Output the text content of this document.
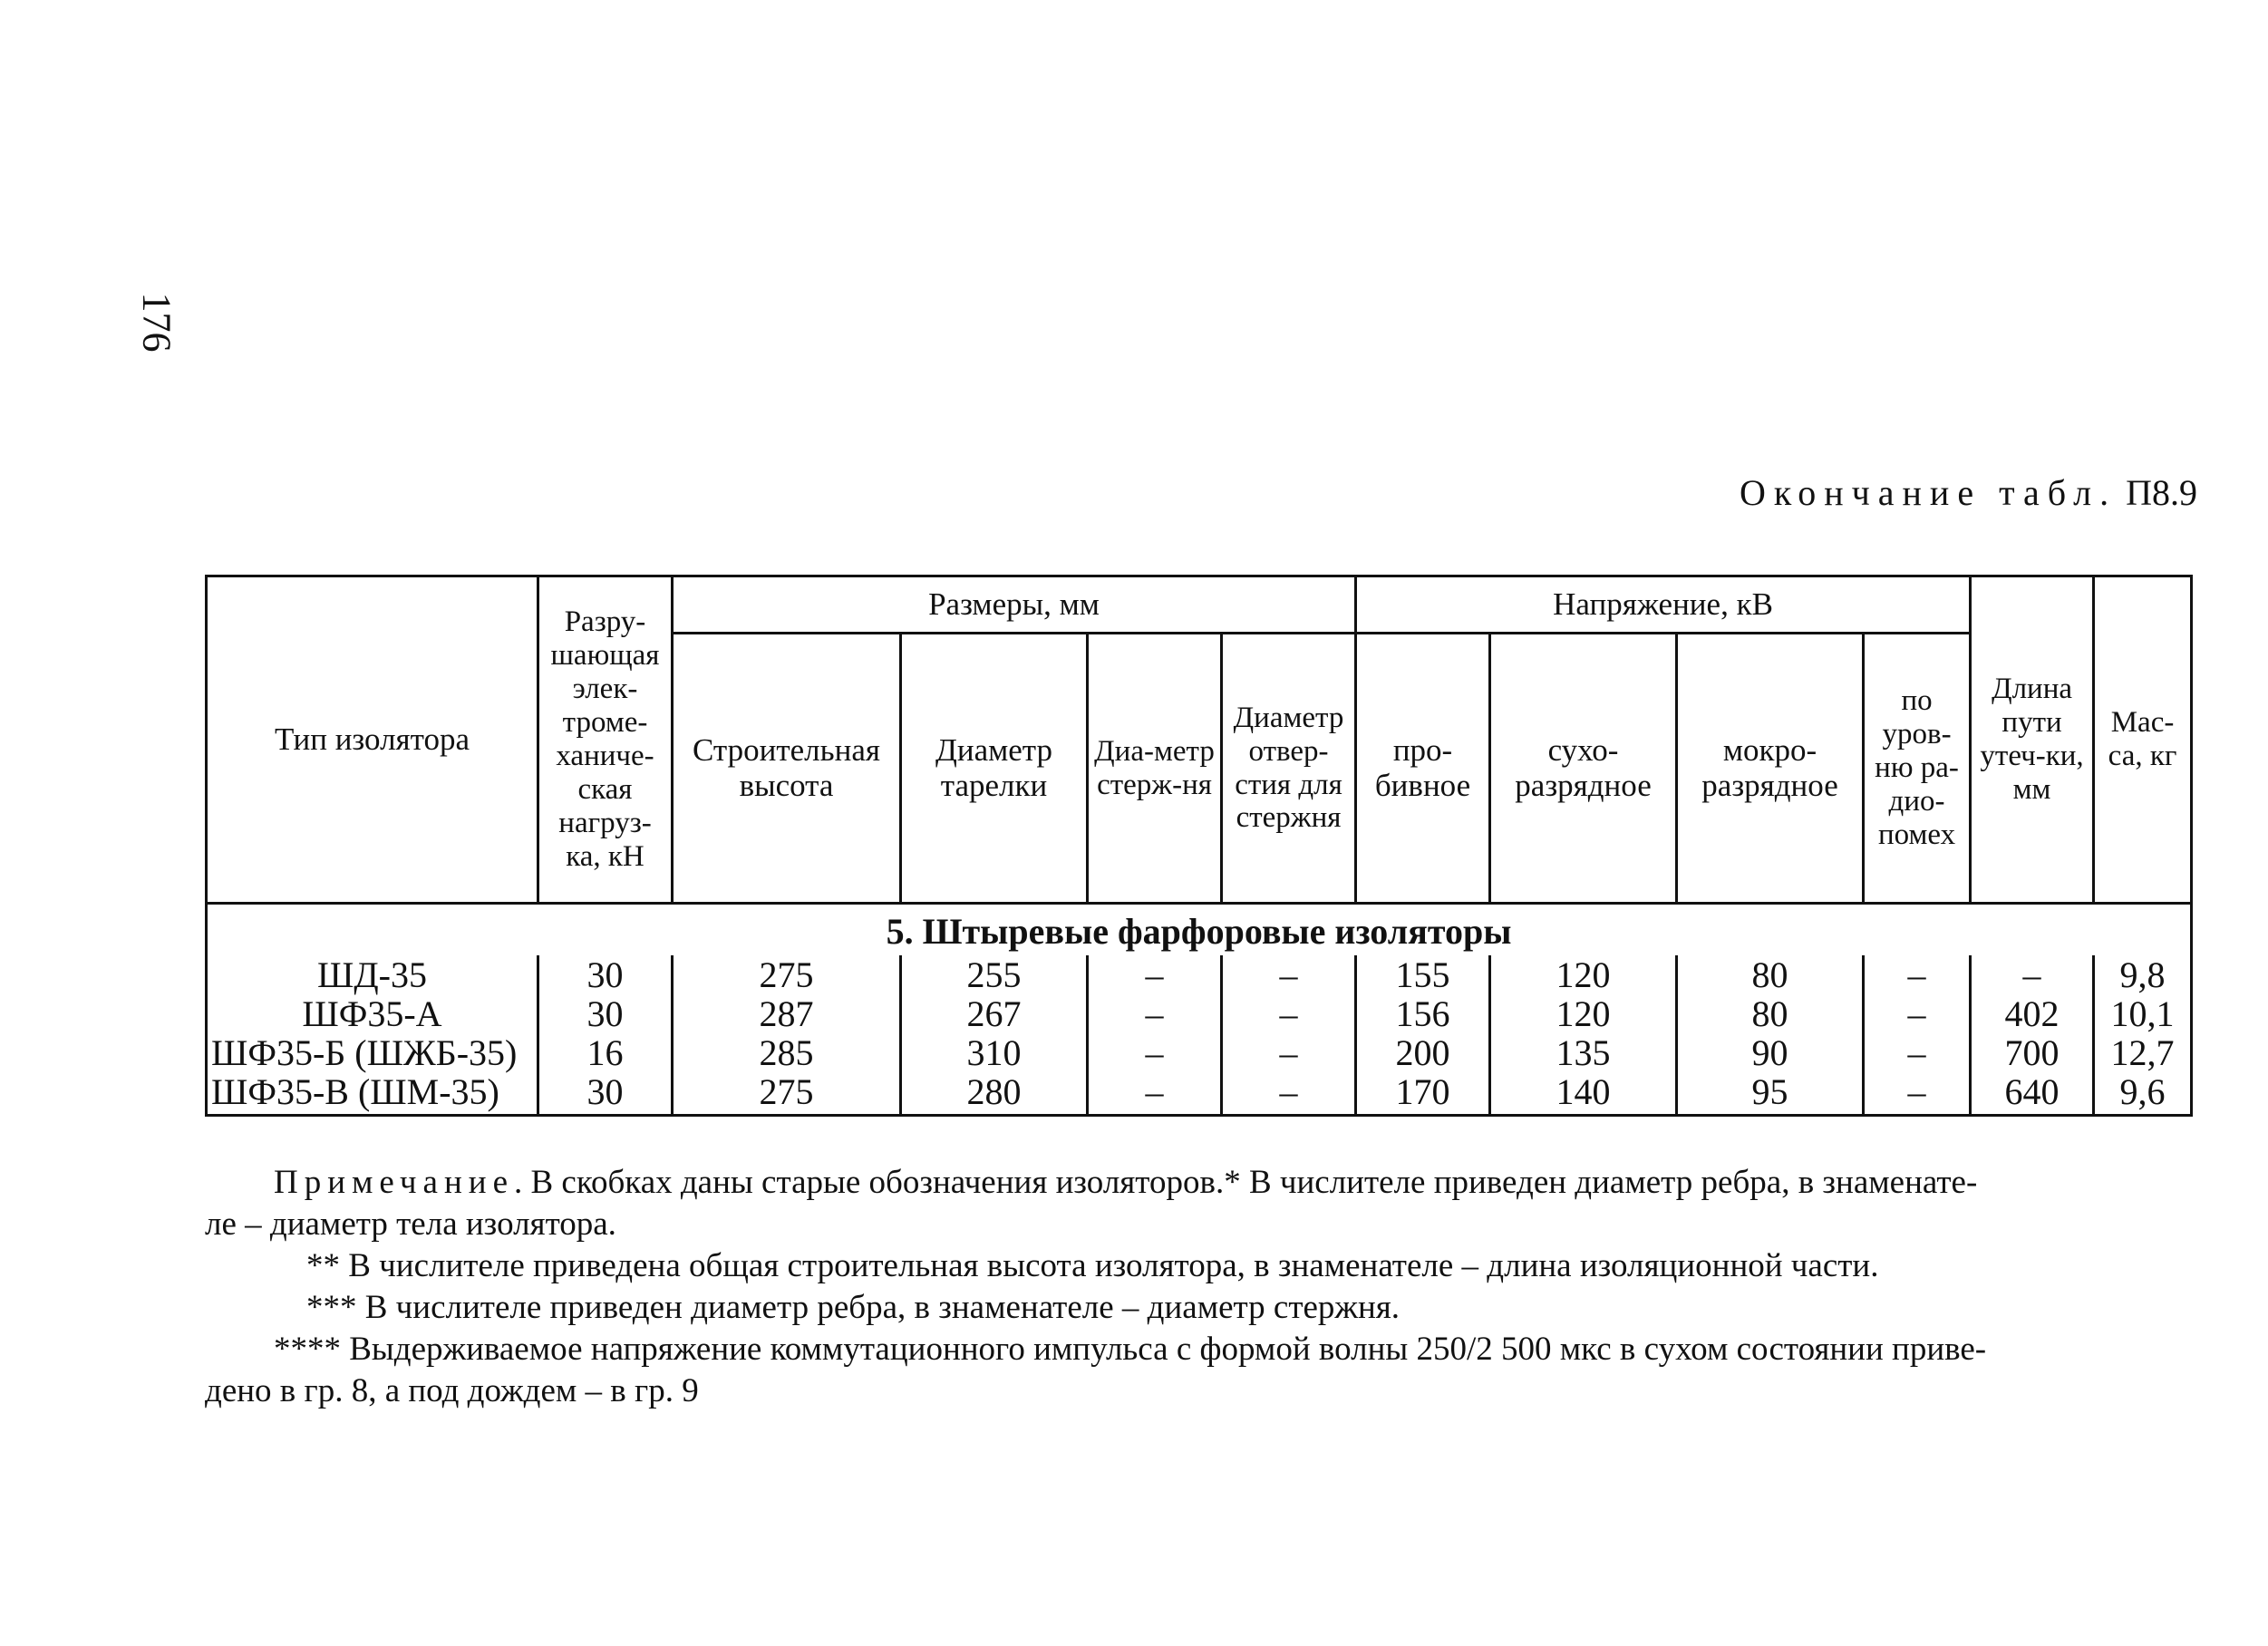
176
Окончание табл. П8.9
Тип изолятора	Разру-шающая элек-троме-ханиче-ская нагруз-ка, кН	Размеры, мм				Напряжение, кВ				Длина пути утеч-ки, мм	Мас-са, кг
		Строительная высота	Диаметр тарелки	Диа-метр стерж-ня	Диаметр отвер-стия для стержня	про-бивное	сухо-разрядное	мокро-разрядное	по уров-ню ра-дио-помех		
5. Штыревые фарфоровые изоляторы											
ШД-35	30	275	255	–	–	155	120	80	–	–	9,8
ШФ35-А	30	287	267	–	–	156	120	80	–	402	10,1
ШФ35-Б (ШЖБ-35)	16	285	310	–	–	200	135	90	–	700	12,7
ШФ35-В (ШМ-35)	30	275	280	–	–	170	140	95	–	640	9,6

Примечание. В скобках даны старые обозначения изоляторов.* В числителе приведен диаметр ребра, в знаменате-

ле – диаметр тела изолятора.

** В числителе приведена общая строительная высота изолятора, в знаменателе – длина изоляционной части.

*** В числителе приведен диаметр ребра, в знаменателе – диаметр стержня.

**** Выдерживаемое напряжение коммутационного импульса с формой волны 250/2 500 мкс в сухом состоянии приве-

дено в гр. 8, а под дождем – в гр. 9
